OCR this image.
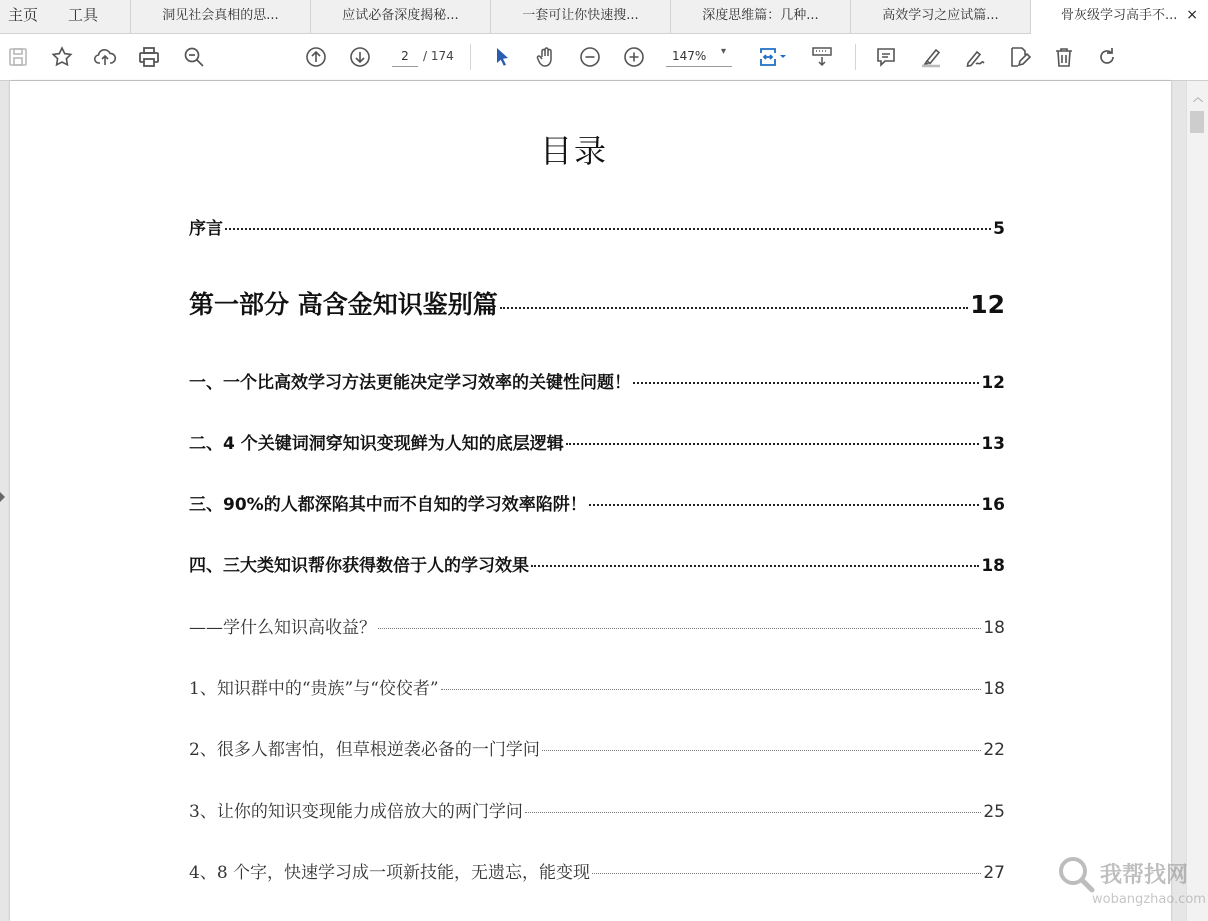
主页 工具	洞见社会真相的思...	应试必备深度揭秘...	一套可让你快速搜...	深度思维篇：几种...	高效学习之应试篇...	骨灰级学习高手不... ×
2
/ 174	147% ▾
︿
目录
序言	5
第一部分 高含金知识鉴别篇	12
一、一个比高效学习方法更能决定学习效率的关键性问题！	12
二、4 个关键词洞穿知识变现鲜为人知的底层逻辑	13
三、90%的人都深陷其中而不自知的学习效率陷阱！	16
四、三大类知识帮你获得数倍于人的学习效果	18
——学什么知识高收益？	18
1、知识群中的“贵族”与“佼佼者”	18
2、很多人都害怕，但草根逆袭必备的一门学问	22
3、让你的知识变现能力成倍放大的两门学问	25
4、8 个字，快速学习成一项新技能，无遗忘，能变现	27	我帮找网
wobangzhao.com
